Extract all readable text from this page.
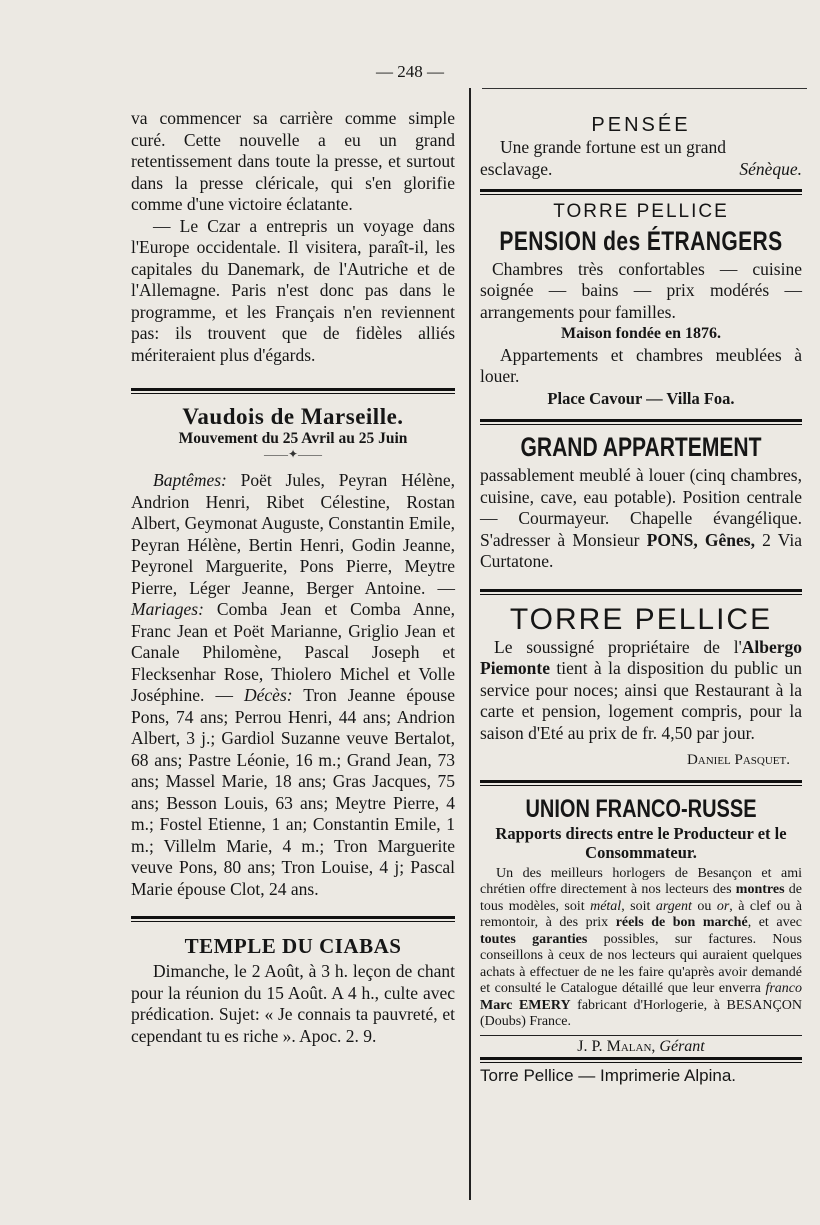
— 248 —

va commencer sa carrière comme simple curé. Cette nouvelle a eu un grand retentissement dans toute la presse, et surtout dans la presse cléricale, qui s'en glorifie comme d'une victoire éclatante.

— Le Czar a entrepris un voyage dans l'Europe occidentale. Il visitera, paraît-il, les capitales du Danemark, de l'Autriche et de l'Allemagne. Paris n'est donc pas dans le programme, et les Français n'en reviennent pas: ils trouvent que de fidèles alliés mériteraient plus d'égards.

Vaudois de Marseille.
Mouvement du 25 Avril au 25 Juin
——✦——

Baptêmes: Poët Jules, Peyran Hélène, Andrion Henri, Ribet Célestine, Rostan Albert, Geymonat Auguste, Constantin Emile, Peyran Hélène, Bertin Henri, Godin Jeanne, Peyronel Marguerite, Pons Pierre, Meytre Pierre, Léger Jeanne, Berger Antoine. —Mariages: Comba Jean et Comba Anne, Franc Jean et Poët Marianne, Griglio Jean et Canale Philomène, Pascal Joseph et Flecksenhar Rose, Thiolero Michel et Volle Joséphine. — Décès: Tron Jeanne épouse Pons, 74 ans; Perrou Henri, 44 ans; Andrion Albert, 3 j.; Gardiol Suzanne veuve Bertalot, 68 ans; Pastre Léonie, 16 m.; Grand Jean, 73 ans; Massel Marie, 18 ans; Gras Jacques, 75 ans; Besson Louis, 63 ans; Meytre Pierre, 4 m.; Fostel Etienne, 1 an; Constantin Emile, 1 m.; Villelm Marie, 4 m.; Tron Marguerite veuve Pons, 80 ans; Tron Louise, 4 j; Pascal Marie épouse Clot, 24 ans.

TEMPLE DU CIABAS

Dimanche, le 2 Août, à 3 h. leçon de chant pour la réunion du 15 Août. A 4 h., culte avec prédication. Sujet: « Je connais ta pauvreté, et cependant tu es riche ». Apoc. 2. 9.

PENSÉE

Une grande fortune est un grand esclavage.	Sénèque.

TORRE PELLICE
PENSION des ÉTRANGERS

Chambres très confortables — cuisine soignée — bains — prix modérés — arrangements pour familles.

Maison fondée en 1876.

Appartements et chambres meublées à louer.

Place Cavour — Villa Foa.

GRAND APPARTEMENT

passablement meublé à louer (cinq chambres, cuisine, cave, eau potable). Position centrale — Courmayeur. Chapelle évangélique. S'adresser à Monsieur PONS, Gênes, 2 Via Curtatone.

TORRE PELLICE

Le soussigné propriétaire de l'Albergo Piemonte tient à la disposition du public un service pour noces; ainsi que Restaurant à la carte et pension, logement compris, pour la saison d'Eté au prix de fr. 4,50 par jour.

Daniel Pasquet.

UNION FRANCO-RUSSE

Rapports directs entre le Producteur et le Consommateur.

Un des meilleurs horlogers de Besançon et ami chrétien offre directement à nos lecteurs des montres de tous modèles, soit métal, soit argent ou or, à clef ou à remontoir, à des prix réels de bon marché, et avec toutes garanties possibles, sur factures. Nous conseillons à ceux de nos lecteurs qui auraient quelques achats à effectuer de ne les faire qu'après avoir demandé et consulté le Catalogue détaillé que leur enverra franco Marc EMERY fabricant d'Horlogerie, à BESANÇON (Doubs) France.

J. P. Malan, Gérant

Torre Pellice — Imprimerie Alpina.
